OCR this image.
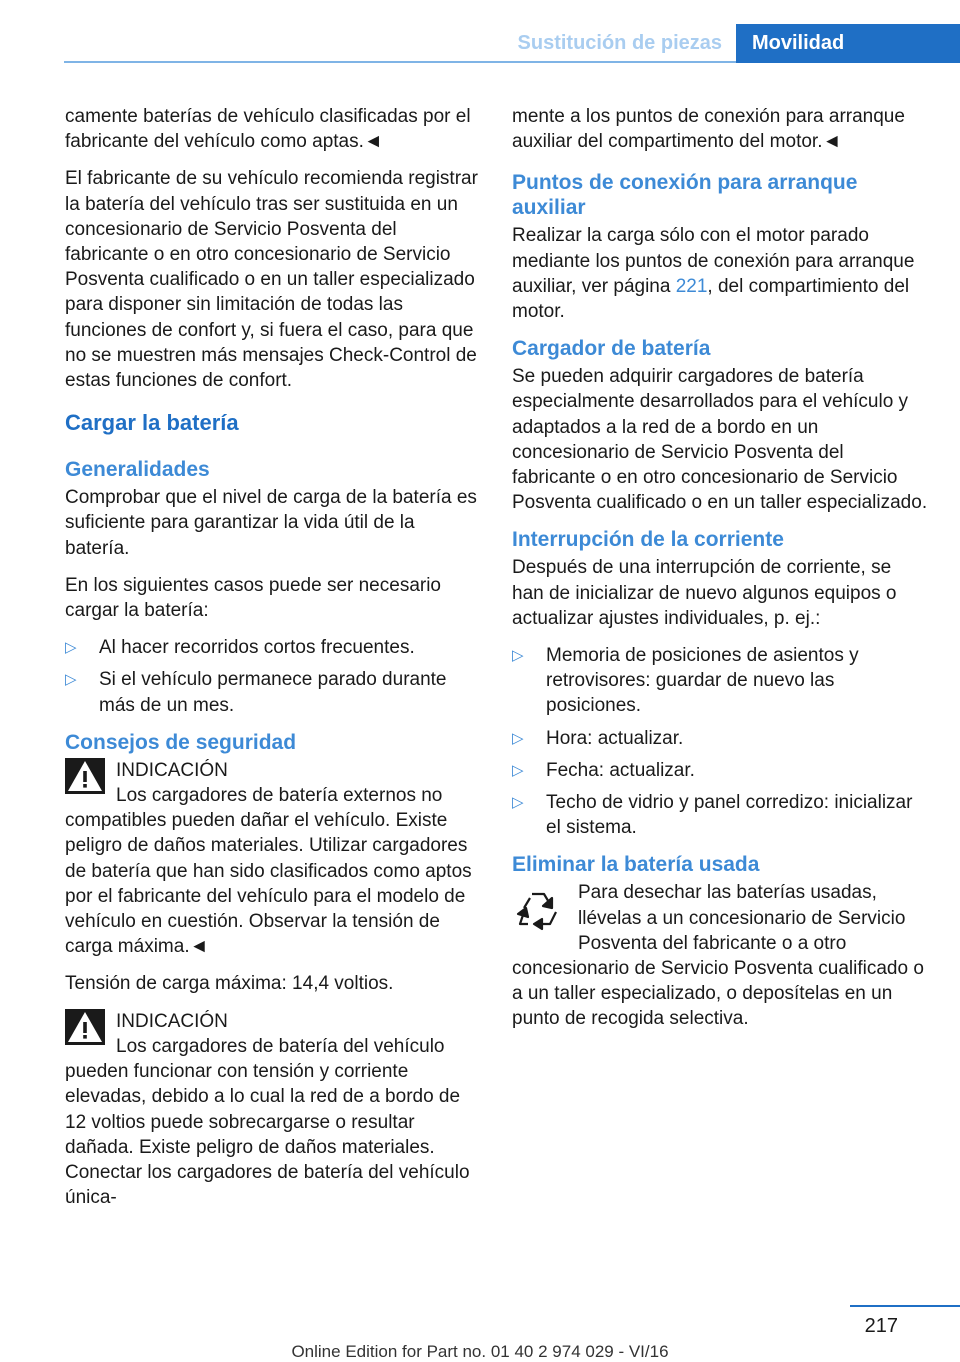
Sustitución de piezas	Movilidad

camente baterías de vehículo clasificadas por el fabricante del vehículo como aptas.◄

El fabricante de su vehículo recomienda registrar la batería del vehículo tras ser sustituida en un concesionario de Servicio Posventa del fabricante o en otro concesionario de Servicio Posventa cualificado o en un taller especializado para disponer sin limitación de todas las funciones de confort y, si fuera el caso, para que no se muestren más mensajes Check-Control de estas funciones de confort.

Cargar la batería
Generalidades

Comprobar que el nivel de carga de la batería es suficiente para garantizar la vida útil de la batería.

En los siguientes casos puede ser necesario cargar la batería:

▷ Al hacer recorridos cortos frecuentes.
▷ Si el vehículo permanece parado durante más de un mes.
Consejos de seguridad
INDICACIÓN
Los cargadores de batería externos no compatibles pueden dañar el vehículo. Existe peligro de daños materiales. Utilizar cargadores de batería que han sido clasificados como aptos por el fabricante del vehículo para el modelo de vehículo en cuestión. Observar la tensión de carga máxima.◄

Tensión de carga máxima: 14,4 voltios.

INDICACIÓN
Los cargadores de batería del vehículo pueden funcionar con tensión y corriente elevadas, debido a lo cual la red de a bordo de 12 voltios puede sobrecargarse o resultar dañada. Existe peligro de daños materiales. Conectar los cargadores de batería del vehículo única-

mente a los puntos de conexión para arranque auxiliar del compartimento del motor.◄

Puntos de conexión para arranque auxiliar

Realizar la carga sólo con el motor parado mediante los puntos de conexión para arranque auxiliar, ver página 221, del compartimiento del motor.

Cargador de batería

Se pueden adquirir cargadores de batería especialmente desarrollados para el vehículo y adaptados a la red de a bordo en un concesionario de Servicio Posventa del fabricante o en otro concesionario de Servicio Posventa cualificado o en un taller especializado.

Interrupción de la corriente

Después de una interrupción de corriente, se han de inicializar de nuevo algunos equipos o actualizar ajustes individuales, p. ej.:

▷ Memoria de posiciones de asientos y retrovisores: guardar de nuevo las posiciones.
▷ Hora: actualizar.
▷ Fecha: actualizar.
▷ Techo de vidrio y panel corredizo: inicializar el sistema.
Eliminar la batería usada
Para desechar las baterías usadas, llévelas a un concesionario de Servicio Posventa del fabricante o a otro concesionario de Servicio Posventa cualificado o a un taller especializado, o deposítelas en un punto de recogida selectiva.
217
Online Edition for Part no. 01 40 2 974 029 - VI/16
